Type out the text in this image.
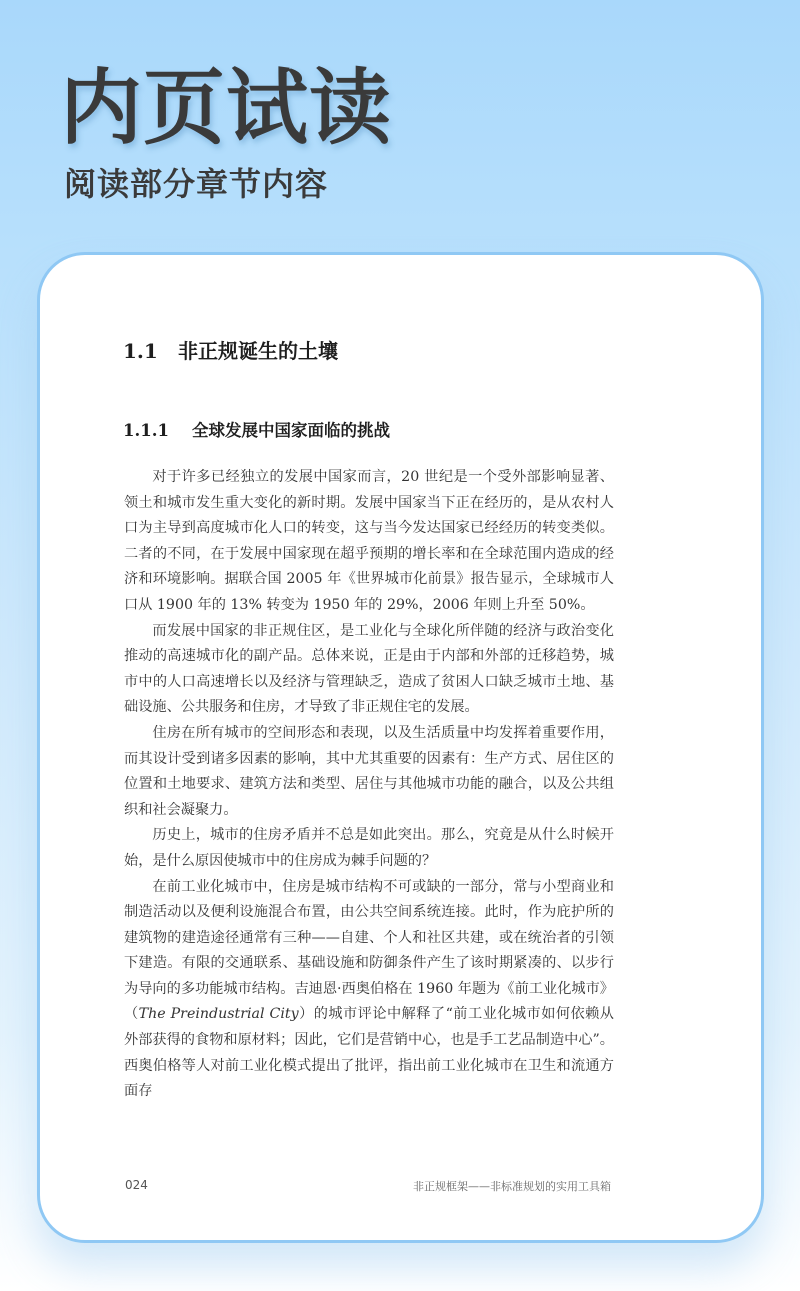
内页试读
阅读部分章节内容
1.1 非正规诞生的土壤
1.1.1 全球发展中国家面临的挑战

对于许多已经独立的发展中国家而言，20 世纪是一个受外部影响显著、领土和城市发生重大变化的新时期。发展中国家当下正在经历的，是从农村人口为主导到高度城市化人口的转变，这与当今发达国家已经经历的转变类似。二者的不同，在于发展中国家现在超乎预期的增长率和在全球范围内造成的经济和环境影响。据联合国 2005 年《世界城市化前景》报告显示，全球城市人口从 1900 年的 13% 转变为 1950 年的 29%，2006 年则上升至 50%。

而发展中国家的非正规住区，是工业化与全球化所伴随的经济与政治变化推动的高速城市化的副产品。总体来说，正是由于内部和外部的迁移趋势，城市中的人口高速增长以及经济与管理缺乏，造成了贫困人口缺乏城市土地、基础设施、公共服务和住房，才导致了非正规住宅的发展。

住房在所有城市的空间形态和表现，以及生活质量中均发挥着重要作用，而其设计受到诸多因素的影响，其中尤其重要的因素有：生产方式、居住区的位置和土地要求、建筑方法和类型、居住与其他城市功能的融合，以及公共组织和社会凝聚力。

历史上，城市的住房矛盾并不总是如此突出。那么，究竟是从什么时候开始，是什么原因使城市中的住房成为棘手问题的？

在前工业化城市中，住房是城市结构不可或缺的一部分，常与小型商业和制造活动以及便利设施混合布置，由公共空间系统连接。此时，作为庇护所的建筑物的建造途径通常有三种——自建、个人和社区共建，或在统治者的引领下建造。有限的交通联系、基础设施和防御条件产生了该时期紧凑的、以步行为导向的多功能城市结构。吉迪恩·西奥伯格在 1960 年题为《前工业化城市》（The Preindustrial City）的城市评论中解释了“前工业化城市如何依赖从外部获得的食物和原材料；因此，它们是营销中心，也是手工艺品制造中心”。西奥伯格等人对前工业化模式提出了批评，指出前工业化城市在卫生和流通方面存

024	非正规框架——非标准规划的实用工具箱
